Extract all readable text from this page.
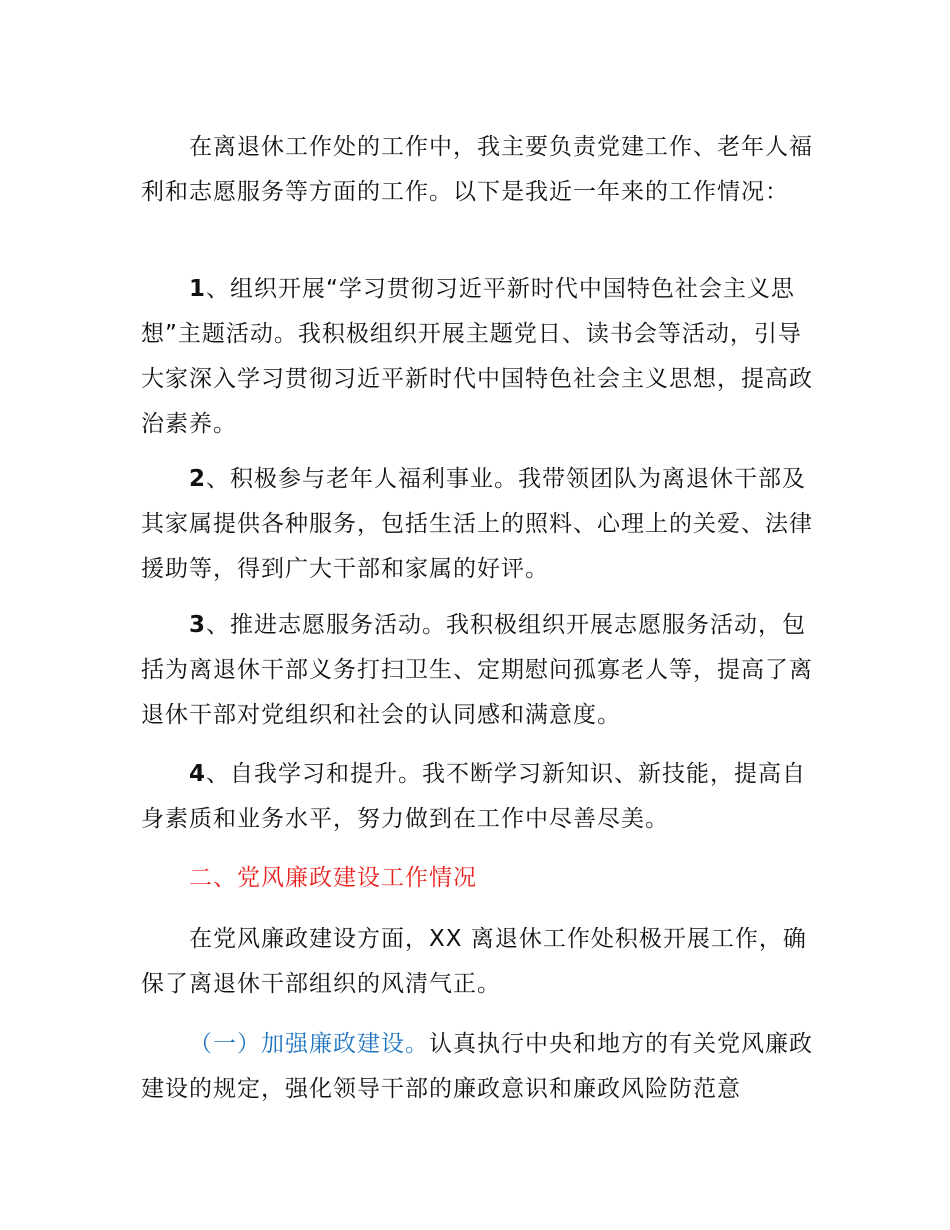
在离退休工作处的工作中，我主要负责党建工作、老年人福利和志愿服务等方面的工作。以下是我近一年来的工作情况：

1、组织开展“学习贯彻习近平新时代中国特色社会主义思想”主题活动。我积极组织开展主题党日、读书会等活动，引导大家深入学习贯彻习近平新时代中国特色社会主义思想，提高政治素养。

2、积极参与老年人福利事业。我带领团队为离退休干部及其家属提供各种服务，包括生活上的照料、心理上的关爱、法律援助等，得到广大干部和家属的好评。

3、推进志愿服务活动。我积极组织开展志愿服务活动，包括为离退休干部义务打扫卫生、定期慰问孤寡老人等，提高了离退休干部对党组织和社会的认同感和满意度。

4、自我学习和提升。我不断学习新知识、新技能，提高自身素质和业务水平，努力做到在工作中尽善尽美。

二、党风廉政建设工作情况

在党风廉政建设方面，XX 离退休工作处积极开展工作，确保了离退休干部组织的风清气正。

（一）加强廉政建设。认真执行中央和地方的有关党风廉政建设的规定，强化领导干部的廉政意识和廉政风险防范意
